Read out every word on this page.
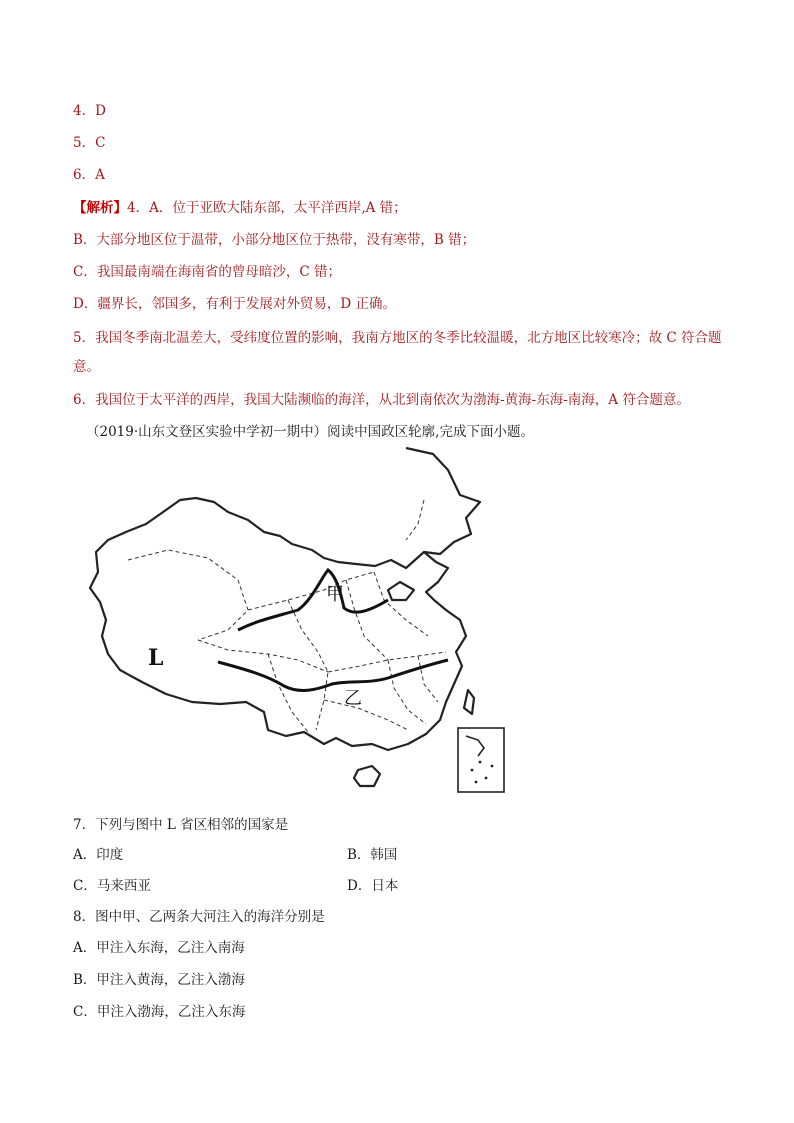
4．D
5．C
6．A
【解析】4．A．位于亚欧大陆东部，太平洋西岸,A 错；
B．大部分地区位于温带，小部分地区位于热带，没有寒带，B 错；
C．我国最南端在海南省的曾母暗沙，C 错；
D．疆界长，邻国多，有利于发展对外贸易，D 正确。
5．我国冬季南北温差大，受纬度位置的影响，我南方地区的冬季比较温暖，北方地区比较寒冷；故 C 符合题意。
6．我国位于太平洋的西岸，我国大陆濒临的海洋，从北到南依次为渤海-黄海-东海-南海，A 符合题意。
（2019·山东文登区实验中学初一期中）阅读中国政区轮廓,完成下面小题。
L
甲
乙
7．下列与图中 L 省区相邻的国家是
A．印度	B．韩国
C．马来西亚	D．日本
8．图中甲、乙两条大河注入的海洋分别是
A．甲注入东海，乙注入南海
B．甲注入黄海，乙注入渤海
C．甲注入渤海，乙注入东海
